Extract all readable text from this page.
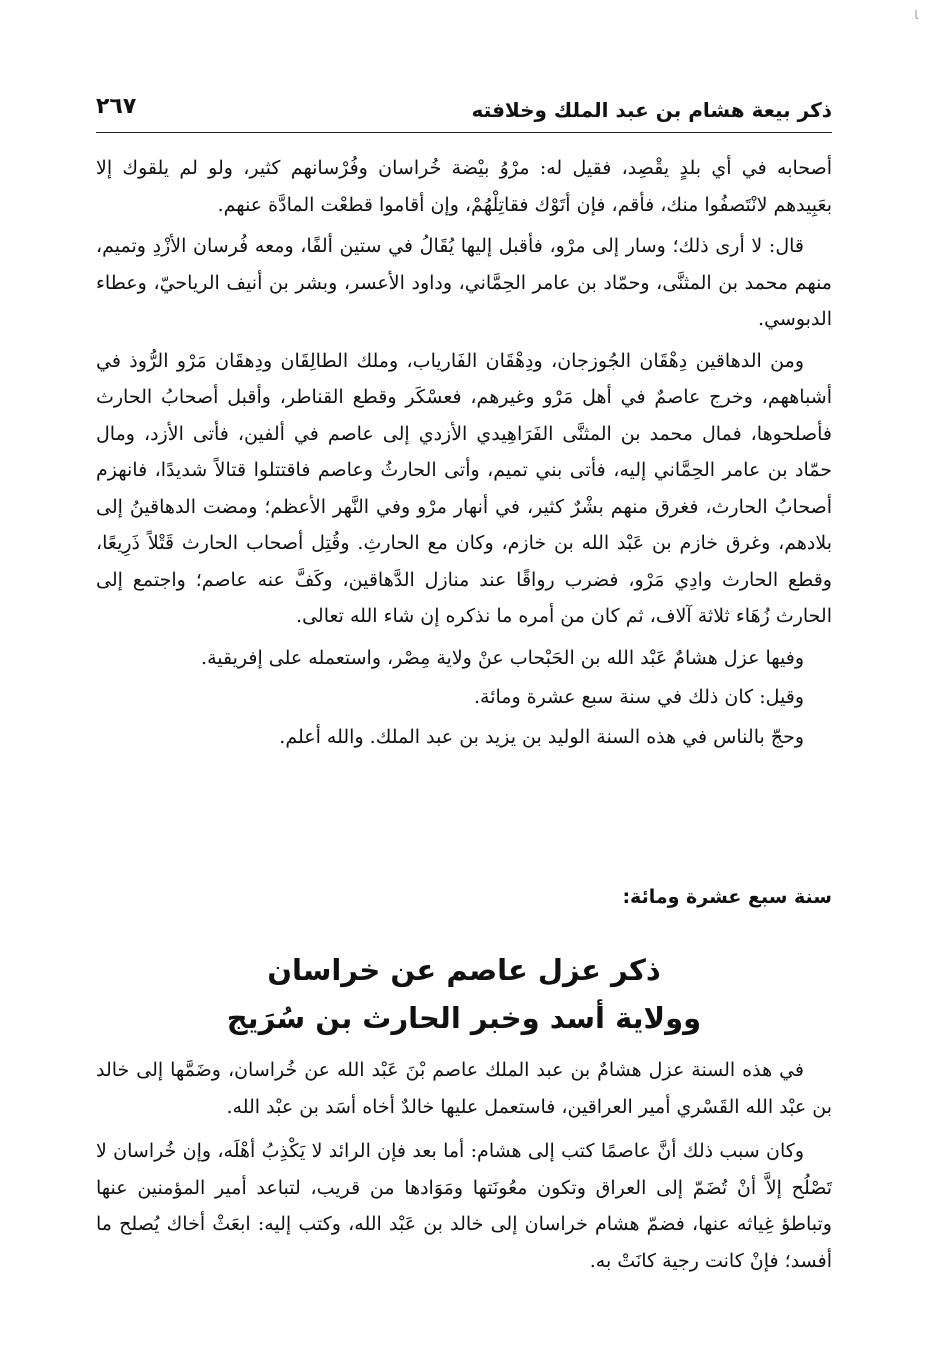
ﺎ
ذكر بيعة هشام بن عبد الملك وخلافته
٢٦٧

أصحابه في أي بلدٍ يقْصِد، فقيل له: مرْوُ بيْضة خُراسان وفُرْسانهم كثير، ولو لم يلقوك إلا بعَبِيدهم لانْتَصفُوا منك، فأقم، فإن أتَوْك فقاتِلْهُمْ، وإن أقاموا قطعْت المادَّة عنهم.

قال: لا أرى ذلك؛ وسار إلى مرْو، فأقبل إليها يُقَالُ في ستين ألفًا، ومعه فُرسان الأزْدِ وتميم، منهم محمد بن المثنَّى، وحمّاد بن عامر الحِمَّاني، وداود الأعسر، وبشر بن أنيف الرياحيّ، وعطاء الدبوسي.

ومن الدهاقين دِهْقَان الجُوزجان، ودِهْقَان الفَارياب، وملك الطالِقَان ودِهقَان مَرْو الرُّوذ في أشباههم، وخرج عاصمٌ في أهل مَرْو وغيرهم، فعسْكَر وقطع القناطر، وأقبل أصحابُ الحارث فأصلحوها، فمال محمد بن المثنَّى الفَرَاهِيدي الأزدي إلى عاصم في ألفين، فأتى الأزد، ومال حمّاد بن عامر الحِمَّاني إليه، فأتى بني تميم، وأتى الحارثُ وعاصم فاقتتلوا قتالاً شديدًا، فانهزم أصحابُ الحارث، فغرق منهم بشْرٌ كثير، في أنهار مرْو وفي النَّهر الأعظم؛ ومضت الدهاقينُ إلى بلادهم، وغرق خازم بن عَبْد الله بن خازم، وكان مع الحارثِ. وقُتِل أصحاب الحارث قَتْلاً ذَرِيعًا، وقطع الحارث وادِي مَرْو، فضرب رواقًا عند منازل الدَّهاقين، وكَفَّ عنه عاصم؛ واجتمع إلى الحارث زُهَاء ثلاثة آلاف، ثم كان من أمره ما نذكره إن شاء الله تعالى.

وفيها عزل هشامٌ عَبْد الله بن الحَبْحاب عنْ ولاية مِصْر، واستعمله على إفريقية.

وقيل: كان ذلك في سنة سبع عشرة ومائة.

وحجّ بالناس في هذه السنة الوليد بن يزيد بن عبد الملك. والله أعلم.

سنة سبع عشرة ومائة:
ذكر عزل عاصم عن خراسان
وولاية أسد وخبر الحارث بن سُرَيج

في هذه السنة عزل هشامٌ بن عبد الملك عاصم بْنَ عَبْد الله عن خُراسان، وضَمَّها إلى خالد بن عبْد الله القَسْري أمير العراقين، فاستعمل عليها خالدٌ أخاه أسَد بن عبْد الله.

وكان سبب ذلك أنَّ عاصمًا كتب إلى هشام: أما بعد فإن الرائد لا يَكْذِبُ أهْلَه، وإن خُراسان لا تَصْلُح إلاَّ أنْ تُضَمّ إلى العراق وتكون معُونَتها ومَوَادها من قريب، لتباعد أمير المؤمنين عنها وتباطؤ غِياثه عنها، فضمّ هشام خراسان إلى خالد بن عَبْد الله، وكتب إليه: ابعَثْ أخاك يُصلح ما أفسد؛ فإنْ كانت رجية كانَتْ به.
